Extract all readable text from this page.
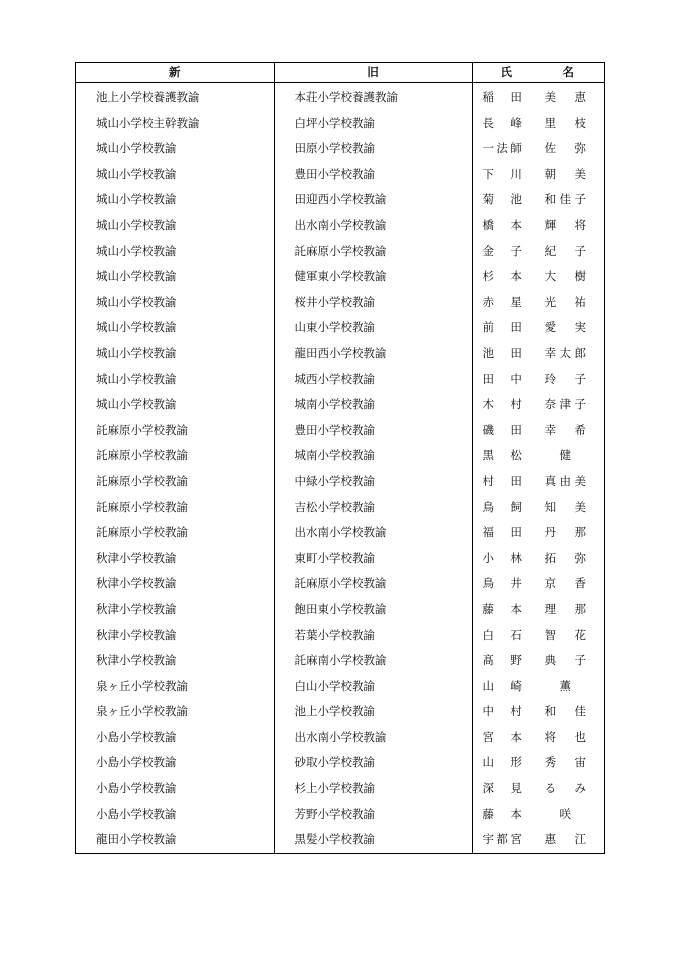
新	旧	氏 名

池上小学校養護教諭	本荘小学校養護教諭	稲 田 美 恵

城山小学校主幹教諭	白坪小学校教諭	長 峰 里 枝

城山小学校教諭	田原小学校教諭	一 法 師 佐 弥

城山小学校教諭	豊田小学校教諭	下 川 朝 美

城山小学校教諭	田迎西小学校教諭	菊 池 和 佳 子

城山小学校教諭	出水南小学校教諭	橋 本 輝 将

城山小学校教諭	託麻原小学校教諭	金 子 紀 子

城山小学校教諭	健軍東小学校教諭	杉 本 大 樹

城山小学校教諭	桜井小学校教諭	赤 星 光 祐

城山小学校教諭	山東小学校教諭	前 田 愛 実

城山小学校教諭	龍田西小学校教諭	池 田 幸 太 郎

城山小学校教諭	城西小学校教諭	田 中 玲 子

城山小学校教諭	城南小学校教諭	木 村 奈 津 子

託麻原小学校教諭	豊田小学校教諭	磯 田 幸 希

託麻原小学校教諭	城南小学校教諭	黒 松 健

託麻原小学校教諭	中緑小学校教諭	村 田 真 由 美

託麻原小学校教諭	吉松小学校教諭	鳥 飼 知 美

託麻原小学校教諭	出水南小学校教諭	福 田 丹 那

秋津小学校教諭	東町小学校教諭	小 林 拓 弥

秋津小学校教諭	託麻原小学校教諭	鳥 井 京 香

秋津小学校教諭	飽田東小学校教諭	藤 本 理 那

秋津小学校教諭	若葉小学校教諭	白 石 智 花

秋津小学校教諭	託麻南小学校教諭	髙 野 典 子

泉ヶ丘小学校教諭	白山小学校教諭	山 崎 薫

泉ヶ丘小学校教諭	池上小学校教諭	中 村 和 佳

小島小学校教諭	出水南小学校教諭	宮 本 将 也

小島小学校教諭	砂取小学校教諭	山 形 秀 宙

小島小学校教諭	杉上小学校教諭	深 見 る み

小島小学校教諭	芳野小学校教諭	藤 本 咲

龍田小学校教諭	黒髪小学校教諭	宇 都 宮 惠 江
